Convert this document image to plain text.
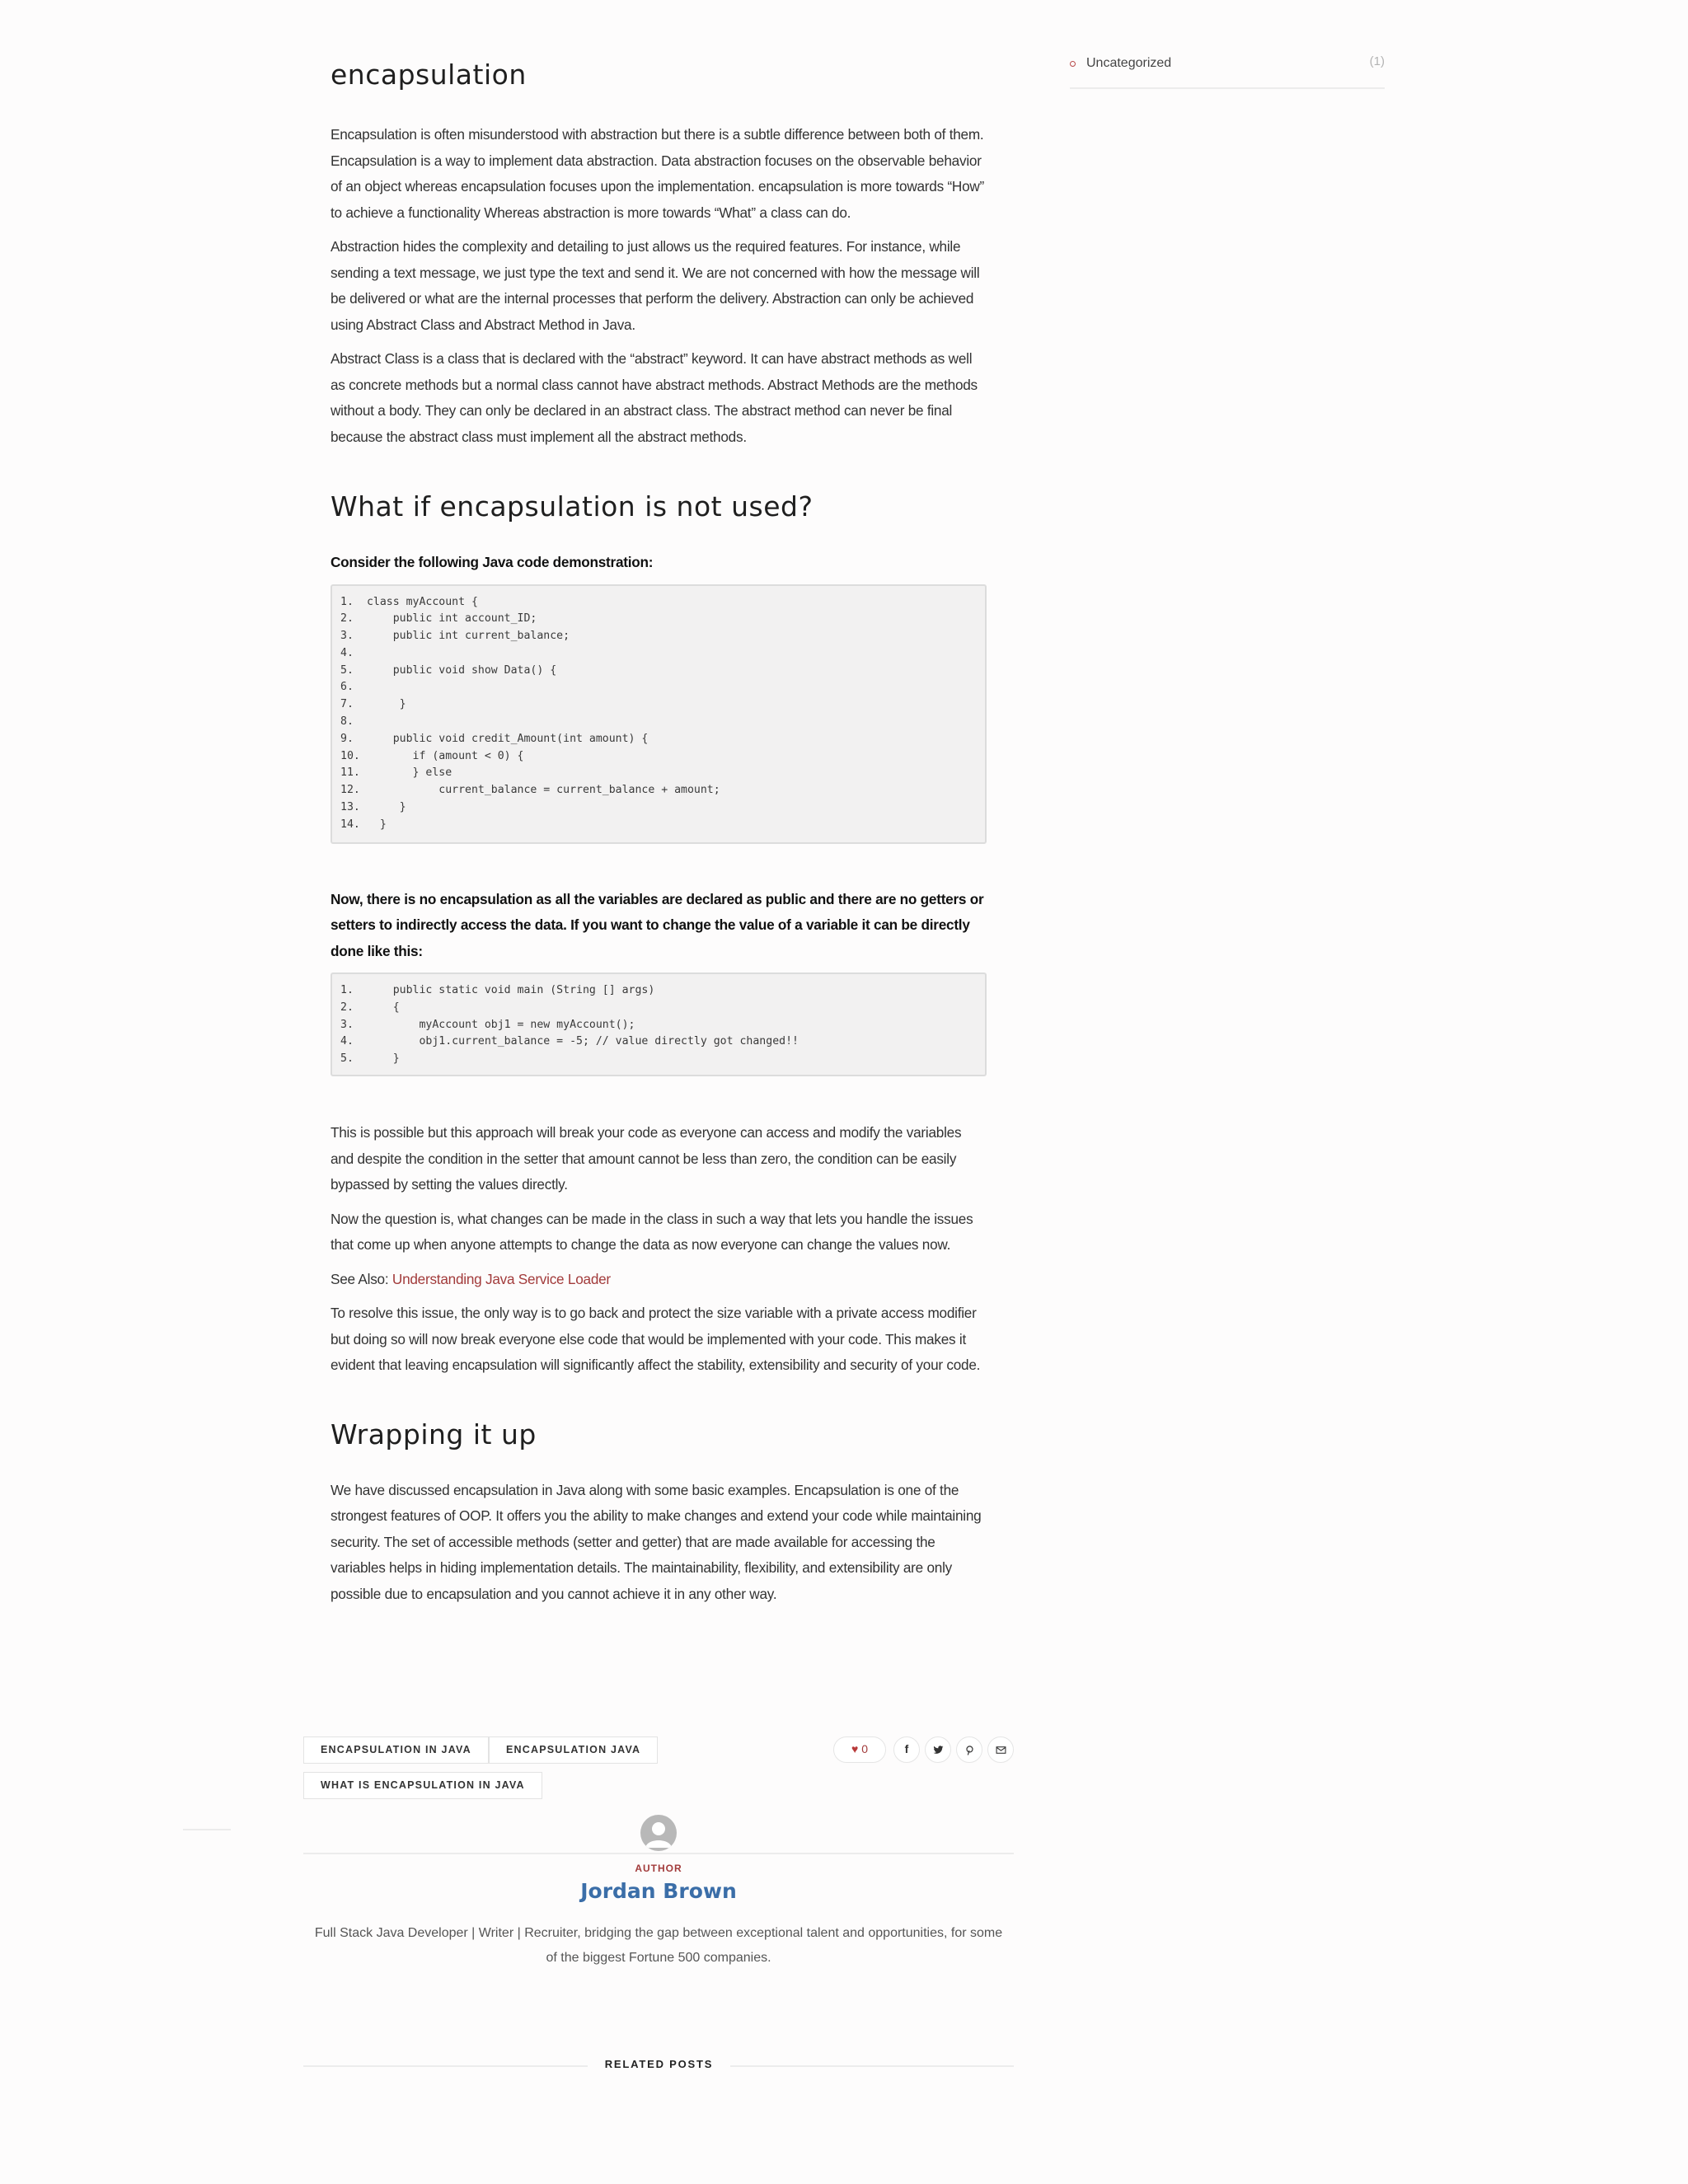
Uncategorized	(1)
encapsulation

Encapsulation is often misunderstood with abstraction but there is a subtle difference between both of them. Encapsulation is a way to implement data abstraction. Data abstraction focuses on the observable behavior of an object whereas encapsulation focuses upon the implementation. encapsulation is more towards “How” to achieve a functionality Whereas abstraction is more towards “What” a class can do.

Abstraction hides the complexity and detailing to just allows us the required features. For instance, while sending a text message, we just type the text and send it. We are not concerned with how the message will be delivered or what are the internal processes that perform the delivery. Abstraction can only be achieved using Abstract Class and Abstract Method in Java.

Abstract Class is a class that is declared with the “abstract” keyword. It can have abstract methods as well as concrete methods but a normal class cannot have abstract methods. Abstract Methods are the methods without a body. They can only be declared in an abstract class. The abstract method can never be final because the abstract class must implement all the abstract methods.

What if encapsulation is not used?

Consider the following Java code demonstration:

1. class myAccount {
2. public int account_ID;
3. public int current_balance;
4.

5. public void show Data() {
6.

7. }
8.

9. public void credit_Amount(int amount) {
10. if (amount < 0) {
11. } else
12. current_balance = current_balance + amount;
13. }
14. }

Now, there is no encapsulation as all the variables are declared as public and there are no getters or setters to indirectly access the data. If you want to change the value of a variable it can be directly done like this:

1. public static void main (String [] args)
2. {
3. myAccount obj1 = new myAccount();
4. obj1.current_balance = -5; // value directly got changed!!
5. }

This is possible but this approach will break your code as everyone can access and modify the variables and despite the condition in the setter that amount cannot be less than zero, the condition can be easily bypassed by setting the values directly.

Now the question is, what changes can be made in the class in such a way that lets you handle the issues that come up when anyone attempts to change the data as now everyone can change the values now.

See Also: Understanding Java Service Loader

To resolve this issue, the only way is to go back and protect the size variable with a private access modifier but doing so will now break everyone else code that would be implemented with your code. This makes it evident that leaving encapsulation will significantly affect the stability, extensibility and security of your code.

Wrapping it up

We have discussed encapsulation in Java along with some basic examples. Encapsulation is one of the strongest features of OOP. It offers you the ability to make changes and extend your code while maintaining security. The set of accessible methods (setter and getter) that are made available for accessing the variables helps in hiding implementation details. The maintainability, flexibility, and extensibility are only possible due to encapsulation and you cannot achieve it in any other way.

ENCAPSULATION IN JAVA	ENCAPSULATION JAVA
WHAT IS ENCAPSULATION IN JAVA
♥ 0	f
AUTHOR
Jordan Brown
Full Stack Java Developer | Writer | Recruiter, bridging the gap between exceptional talent and opportunities, for some of the biggest Fortune 500 companies.
RELATED POSTS
